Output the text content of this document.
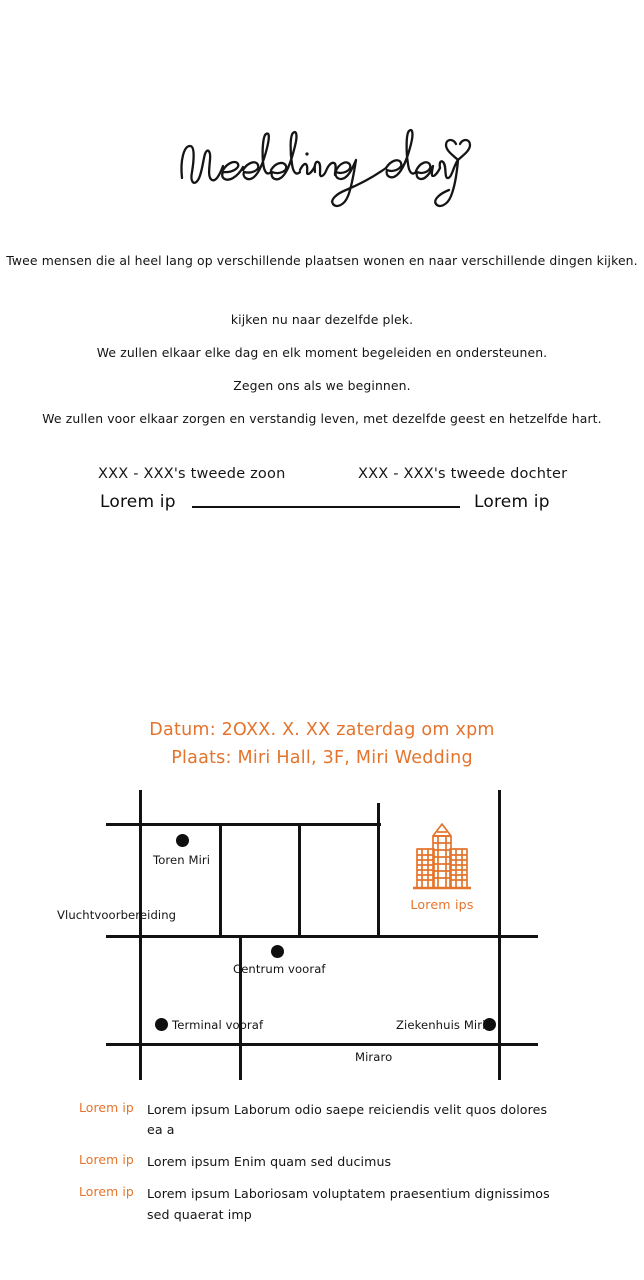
Twee mensen die al heel lang op verschillende plaatsen wonen en naar verschillende dingen kijken.

kijken nu naar dezelfde plek.

We zullen elkaar elke dag en elk moment begeleiden en ondersteunen.

Zegen ons als we beginnen.

We zullen voor elkaar zorgen en verstandig leven, met dezelfde geest en hetzelfde hart.

XXX - XXX's tweede zoon	XXX - XXX's tweede dochter
Lorem ip	Lorem ip
Datum: 2OXX. X. XX zaterdag om xpm
Plaats: Miri Hall, 3F, Miri Wedding
Toren Miri
Centrum vooraf
Terminal vooraf	Ziekenhuis Miri
Vluchtvoorbereiding
Miraro
Lorem ips
Lorem ip	Lorem ipsum Laborum odio saepe reiciendis velit quos dolores ea a
Lorem ip	Lorem ipsum Enim quam sed ducimus
Lorem ip	Lorem ipsum Laboriosam voluptatem praesentium dignissimos sed quaerat imp
